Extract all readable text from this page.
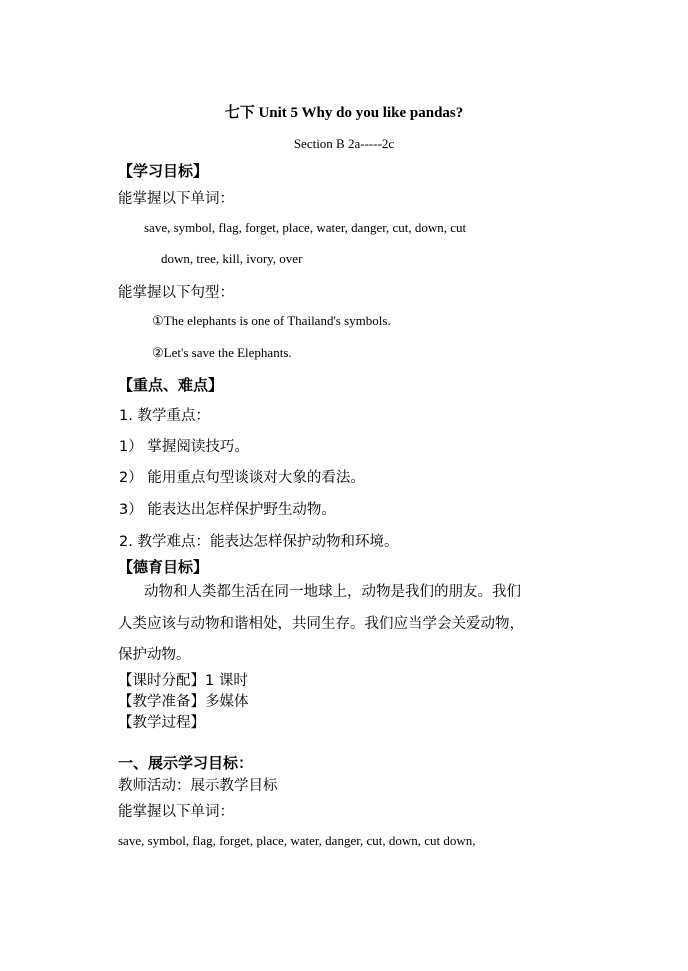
七下 Unit 5 Why do you like pandas?
Section B 2a-----2c
【学习目标】
能掌握以下单词：
save, symbol, flag, forget, place, water, danger, cut, down, cut
down, tree, kill, ivory, over
能掌握以下句型：
①The elephants is one of Thailand's symbols.
②Let's save the Elephants.
【重点、难点】
1. 教学重点：
1） 掌握阅读技巧。
2） 能用重点句型谈谈对大象的看法。
3） 能表达出怎样保护野生动物。
2. 教学难点：能表达怎样保护动物和环境。
【德育目标】
动物和人类都生活在同一地球上，动物是我们的朋友。我们
人类应该与动物和谐相处，共同生存。我们应当学会关爱动物，
保护动物。
【课时分配】1 课时
【教学准备】多媒体
【教学过程】
一、展示学习目标：
教师活动：展示教学目标
能掌握以下单词：
save, symbol, flag, forget, place, water, danger, cut, down, cut down,
